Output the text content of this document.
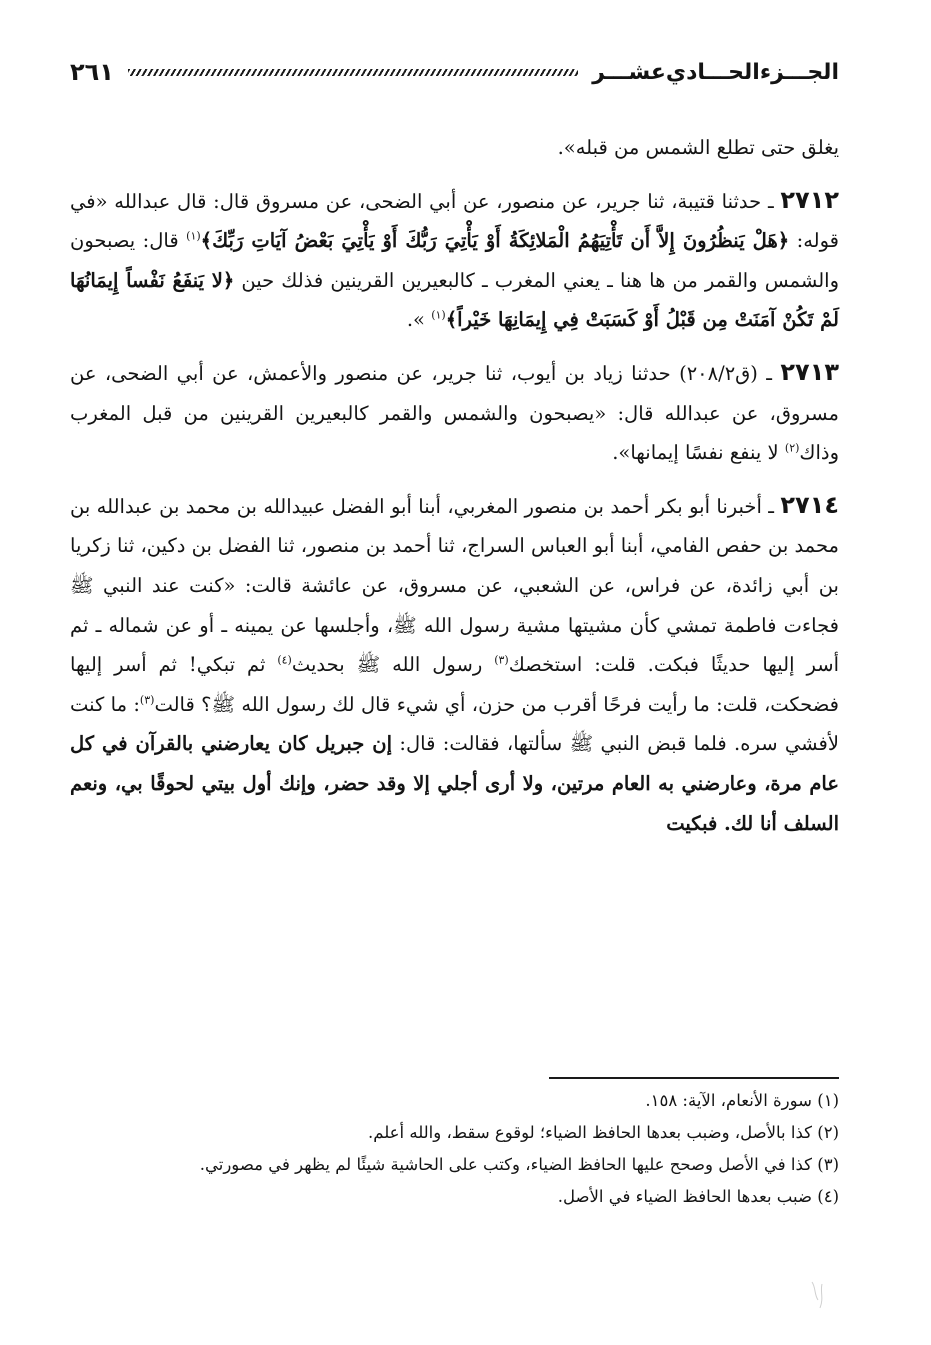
الجـــزءالحـــادي‌عشـــر
٢٦١

يغلق حتى تطلع الشمس من قبله».

٢٧١٢ ـ حدثنا قتيبة، ثنا جرير، عن منصور، عن أبي الضحى، عن مسروق قال: قال عبدالله «في قوله: ﴿هَلْ يَنظُرُونَ إِلاَّ أَن تَأْتِيَهُمُ الْمَلائِكَةُ أَوْ يَأْتِيَ رَبُّكَ أَوْ يَأْتِيَ بَعْضُ آيَاتِ رَبِّكَ﴾$^{(١)}$ قال: يصبحون والشمس والقمر من ها هنا ـ يعني المغرب ـ كالبعيرين القرينين فذلك حين ﴿لا يَنفَعُ نَفْساً إِيمَانُهَا لَمْ تَكُنْ آمَنَتْ مِن قَبْلُ أَوْ كَسَبَتْ فِي إِيمَانِهَا خَيْراً﴾$^{(١)}$ ».

٢٧١٣ ـ (ق٢٠٨/٢) حدثنا زياد بن أيوب، ثنا جرير، عن منصور والأعمش، عن أبي الضحى، عن مسروق، عن عبدالله قال: «يصبحون والشمس والقمر كالبعيرين القرينين من قبل المغرب وذاك$^{(٢)}$ لا ينفع نفسًا إيمانها».

٢٧١٤ ـ أخبرنا أبو بكر أحمد بن منصور المغربي، أبنا أبو الفضل عبيدالله بن محمد بن عبدالله بن محمد بن حفص الفامي، أبنا أبو العباس السراج، ثنا أحمد بن منصور، ثنا الفضل بن دكين، ثنا زكريا بن أبي زائدة، عن فراس، عن الشعبي، عن مسروق، عن عائشة قالت: «كنت عند النبي ﷺ فجاءت فاطمة تمشي كأن مشيتها مشية رسول الله ﷺ، وأجلسها عن يمينه ـ أو عن شماله ـ ثم أسر إليها حديثًا فبكت. قلت: استخصك$^{(٣)}$ رسول الله ﷺ بحديث$^{(٤)}$ ثم تبكي! ثم أسر إليها فضحكت، قلت: ما رأيت فرحًا أقرب من حزن، أي شيء قال لك رسول الله ﷺ؟ قالت$^{(٣)}$: ما كنت لأفشي سره. فلما قبض النبي ﷺ سألتها، فقالت: قال: إن جبريل كان يعارضني بالقرآن في كل عام مرة، وعارضني به العام مرتين، ولا أرى أجلي إلا وقد حضر، وإنك أول بيتي لحوقًا بي، ونعم السلف أنا لك. فبكيت

(١) سورة الأنعام، الآية: ١٥٨.

(٢) كذا بالأصل، وضبب بعدها الحافظ الضياء؛ لوقوع سقط، والله أعلم.

(٣) كذا في الأصل وصحح عليها الحافظ الضياء، وكتب على الحاشية شيئًا لم يظهر في مصورتي.

(٤) ضبب بعدها الحافظ الضياء في الأصل.
